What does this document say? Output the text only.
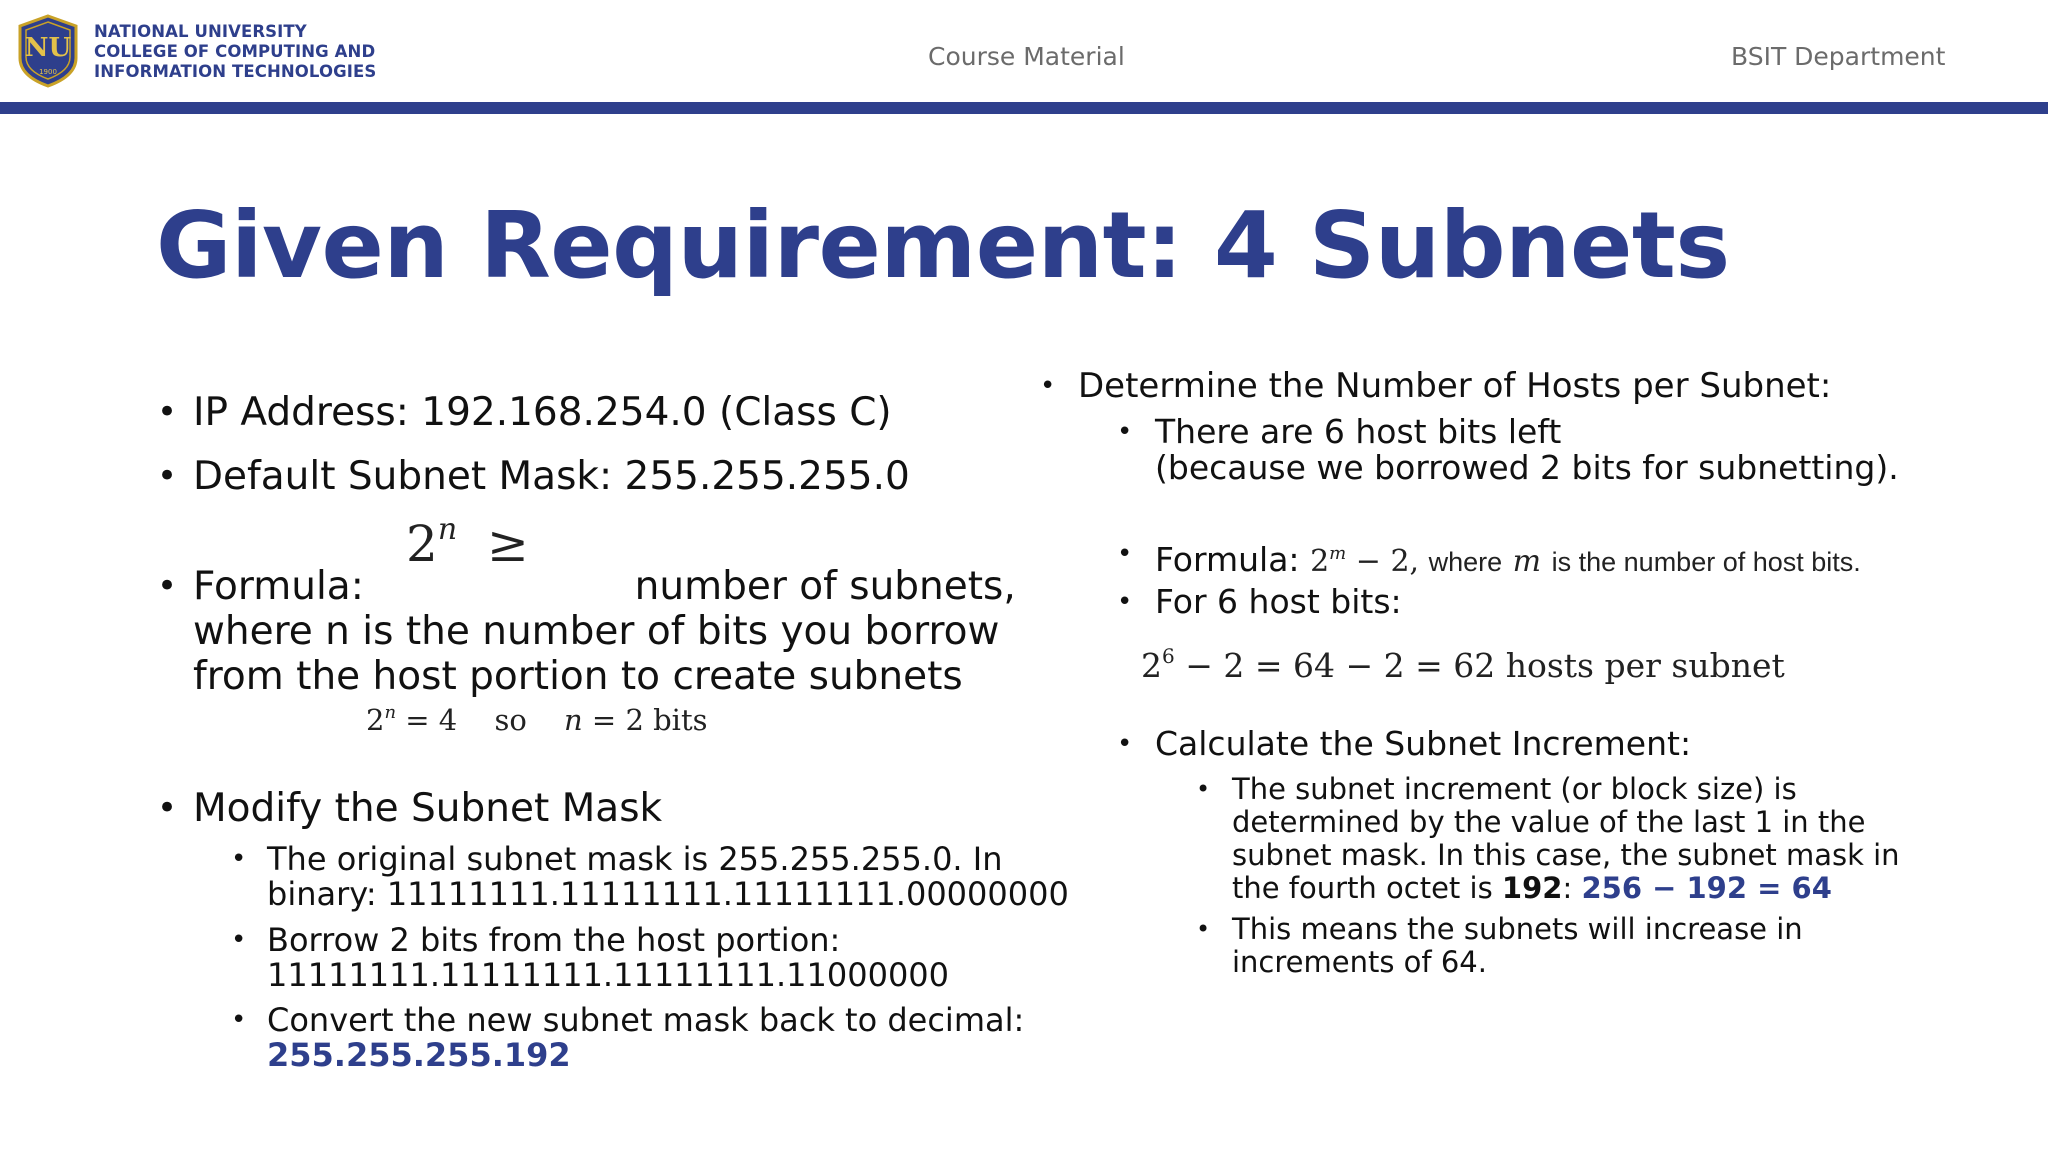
NU
1900
NATIONAL UNIVERSITY
COLLEGE OF COMPUTING AND
INFORMATION TECHNOLOGIES
Course Material	BSIT Department
Given Requirement: 4 Subnets
• IP Address: 192.168.254.0 (Class C)
• Default Subnet Mask: 255.255.255.0
$2^n$ ≥
• Formula:	number of subnets,
where n is the number of bits you borrow
from the host portion to create subnets
$2^n = 4$ so n = 2 bits
• Modify the Subnet Mask
• The original subnet mask is 255.255.255.0. In
binary: 11111111.11111111.11111111.00000000
• Borrow 2 bits from the host portion:
11111111.11111111.11111111.11000000
• Convert the new subnet mask back to decimal:
255.255.255.192
• Determine the Number of Hosts per Subnet:
• There are 6 host bits left
(because we borrowed 2 bits for subnetting).
• Formula: $2^m - 2$, where m is the number of host bits.
• For 6 host bits:
$2^6 - 2 = 64 - 2 = 62$ hosts per subnet
• Calculate the Subnet Increment:
• The subnet increment (or block size) is
determined by the value of the last 1 in the
subnet mask. In this case, the subnet mask in
the fourth octet is 192: 256 − 192 = 64
• This means the subnets will increase in
increments of 64.
